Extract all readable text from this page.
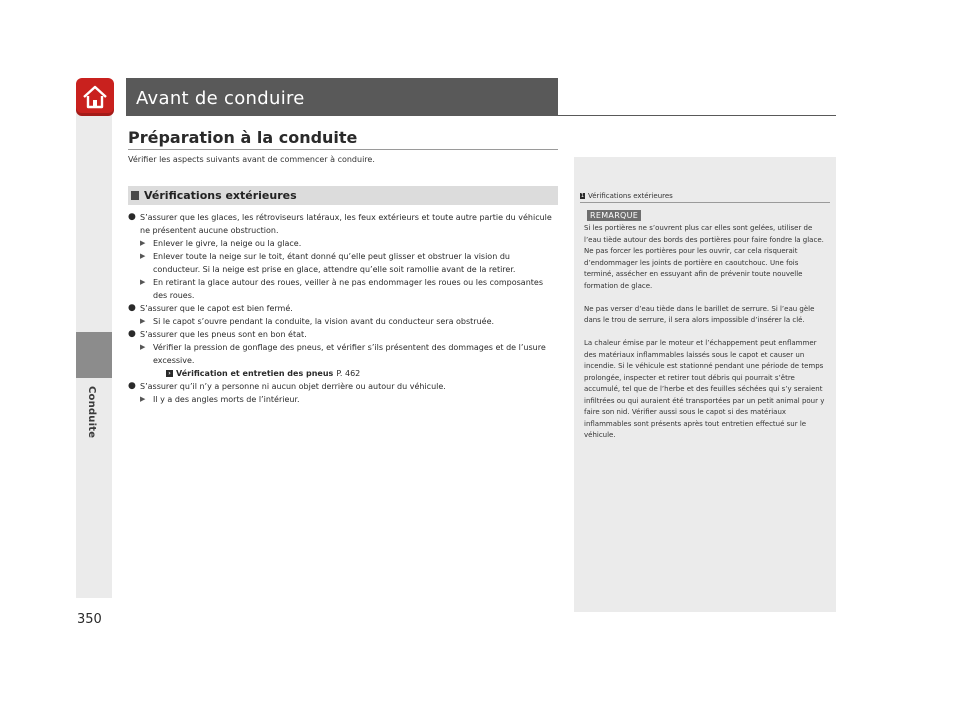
Conduite
Avant de conduire
Préparation à la conduite
Vérifier les aspects suivants avant de commencer à conduire.
Vérifications extérieures
● S’assurer que les glaces, les rétroviseurs latéraux, les feux extérieurs et toute autre partie du véhicule ne présentent aucune obstruction.
▶ Enlever le givre, la neige ou la glace.
▶ Enlever toute la neige sur le toit, étant donné qu’elle peut glisser et obstruer la vision du conducteur. Si la neige est prise en glace, attendre qu’elle soit ramollie avant de la retirer.
▶ En retirant la glace autour des roues, veiller à ne pas endommager les roues ou les composantes des roues.
● S’assurer que le capot est bien fermé.
▶ Si le capot s’ouvre pendant la conduite, la vision avant du conducteur sera obstruée.
● S’assurer que les pneus sont en bon état.
▶ Vérifier la pression de gonflage des pneus, et vérifier s’ils présentent des dommages et de l’usure excessive.
› Vérification et entretien des pneus P. 462
● S’assurer qu’il n’y a personne ni aucun objet derrière ou autour du véhicule.
▶ Il y a des angles morts de l’intérieur.
1 Vérifications extérieures
REMARQUE

Si les portières ne s’ouvrent plus car elles sont gelées, utiliser de l’eau tiède autour des bords des portières pour faire fondre la glace. Ne pas forcer les portières pour les ouvrir, car cela risquerait d’endommager les joints de portière en caoutchouc. Une fois terminé, assécher en essuyant afin de prévenir toute nouvelle formation de glace.

Ne pas verser d’eau tiède dans le barillet de serrure. Si l’eau gèle dans le trou de serrure, il sera alors impossible d’insérer la clé.

La chaleur émise par le moteur et l’échappement peut enflammer des matériaux inflammables laissés sous le capot et causer un incendie. Si le véhicule est stationné pendant une période de temps prolongée, inspecter et retirer tout débris qui pourrait s’être accumulé, tel que de l’herbe et des feuilles séchées qui s’y seraient infiltrées ou qui auraient été transportées par un petit animal pour y faire son nid. Vérifier aussi sous le capot si des matériaux inflammables sont présents après tout entretien effectué sur le véhicule.

350
